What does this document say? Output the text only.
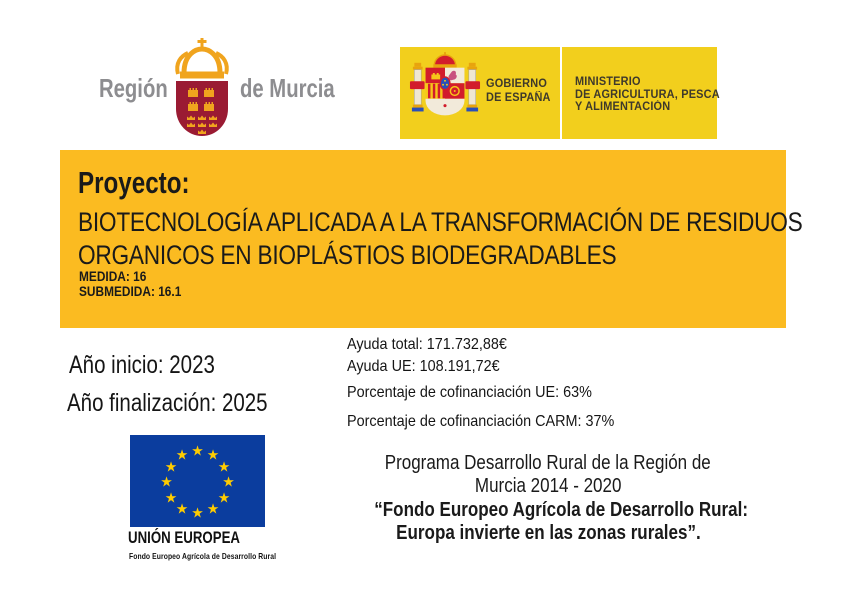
Región	de Murcia	GOBIERNO
DE ESPAÑA
MINISTERIO
DE AGRICULTURA, PESCA
Y ALIMENTACIÓN
Proyecto:
BIOTECNOLOGÍA APLICADA A LA TRANSFORMACIÓN DE RESIDUOS
ORGANICOS EN BIOPLÁSTIOS BIODEGRADABLES
MEDIDA: 16
SUBMEDIDA: 16.1
Año inicio: 2023
Año finalización: 2025
Ayuda total: 171.732,88€
Ayuda UE: 108.191,72€
Porcentaje de cofinanciación UE: 63%
Porcentaje de cofinanciación CARM: 37%
★ ★
★
★
★
★
★
★
★
★
★
★
UNIÓN EUROPEA
Fondo Europeo Agrícola de Desarrollo Rural
Programa Desarrollo Rural de la Región de
Murcia 2014 - 2020
“Fondo Europeo Agrícola de Desarrollo Rural:
Europa invierte en las zonas rurales”.
